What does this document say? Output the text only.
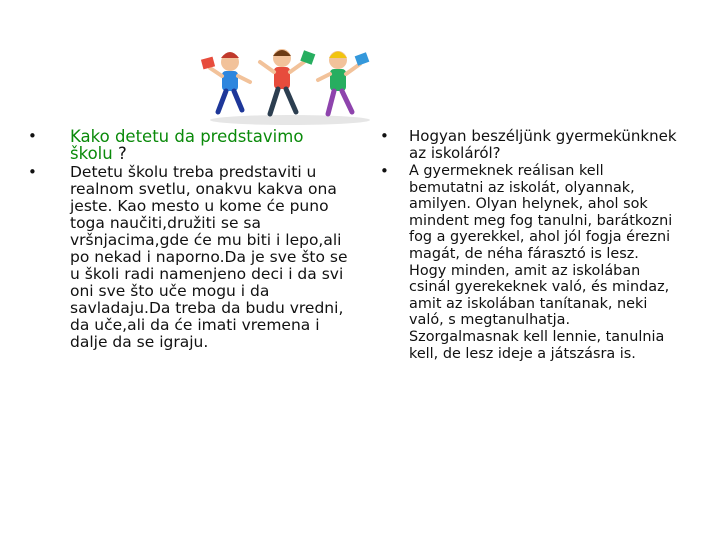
• Kako detetu da predstavimo školu ?
• Detetu školu treba predstaviti u realnom svetlu, onakvu kakva ona jeste. Kao mesto u kome će puno toga naučiti,družiti se sa vršnjacima,gde će mu biti i lepo,ali po nekad i naporno.Da je sve što se u školi radi namenjeno deci i da svi oni sve što uče mogu i da savladaju.Da treba da budu vredni, da uče,ali da će imati vremena i dalje da se igraju.
• Hogyan beszéljünk gyermekünknek az iskoláról?
• A gyermeknek reálisan kell bemutatni az iskolát, olyannak, amilyen. Olyan helynek, ahol sok mindent meg fog tanulni, barátkozni fog a gyerekkel, ahol jól fogja érezni magát, de néha fárasztó is lesz. Hogy minden, amit az iskolában csinál gyerekeknek való, és mindaz, amit az iskolában tanítanak, neki való, s megtanulhatja. Szorgalmasnak kell lennie, tanulnia kell, de lesz ideje a játszásra is.
